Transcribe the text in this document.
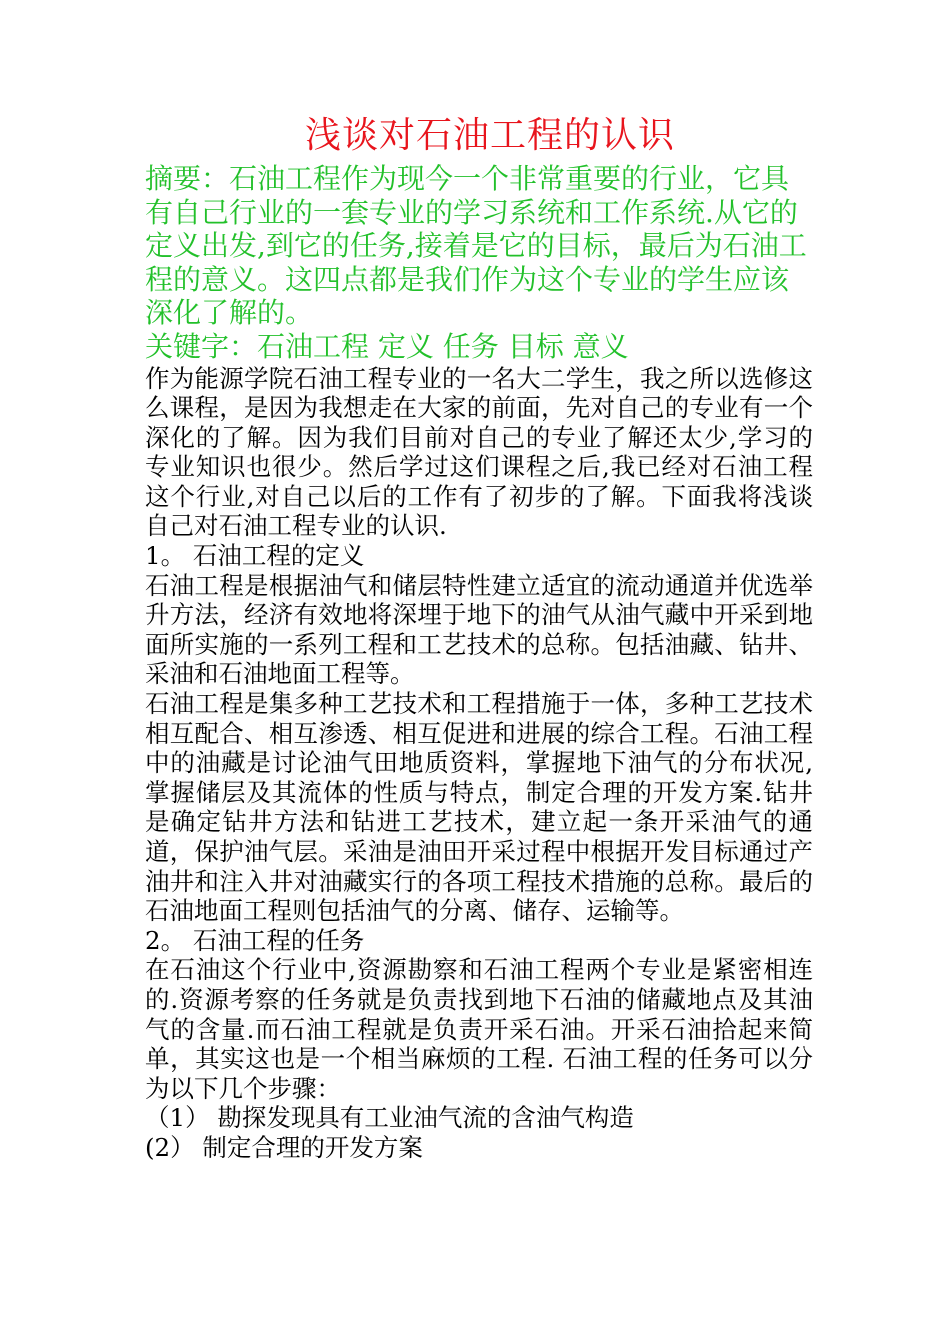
浅谈对石油工程的认识

摘要：石油工程作为现今一个非常重要的行业，它具有自己行业的一套专业的学习系统和工作系统.从它的定义出发,到它的任务,接着是它的目标，最后为石油工程的意义。这四点都是我们作为这个专业的学生应该深化了解的。

关键字：石油工程 定义 任务 目标 意义

作为能源学院石油工程专业的一名大二学生，我之所以选修这么课程，是因为我想走在大家的前面，先对自己的专业有一个深化的了解。因为我们目前对自己的专业了解还太少,学习的专业知识也很少。然后学过这们课程之后,我已经对石油工程这个行业,对自己以后的工作有了初步的了解。下面我将浅谈自己对石油工程专业的认识.

1。 石油工程的定义

石油工程是根据油气和储层特性建立适宜的流动通道并优选举升方法，经济有效地将深埋于地下的油气从油气藏中开采到地面所实施的一系列工程和工艺技术的总称。包括油藏、钻井、采油和石油地面工程等。

石油工程是集多种工艺技术和工程措施于一体，多种工艺技术相互配合、相互渗透、相互促进和进展的综合工程。石油工程中的油藏是讨论油气田地质资料，掌握地下油气的分布状况,掌握储层及其流体的性质与特点，制定合理的开发方案.钻井是确定钻井方法和钻进工艺技术，建立起一条开采油气的通道，保护油气层。采油是油田开采过程中根据开发目标通过产油井和注入井对油藏实行的各项工程技术措施的总称。最后的石油地面工程则包括油气的分离、储存、运输等。

2。 石油工程的任务

在石油这个行业中,资源勘察和石油工程两个专业是紧密相连的.资源考察的任务就是负责找到地下石油的储藏地点及其油气的含量.而石油工程就是负责开采石油。开采石油拾起来简单，其实这也是一个相当麻烦的工程. 石油工程的任务可以分为以下几个步骤：

（1） 勘探发现具有工业油气流的含油气构造

(2） 制定合理的开发方案
